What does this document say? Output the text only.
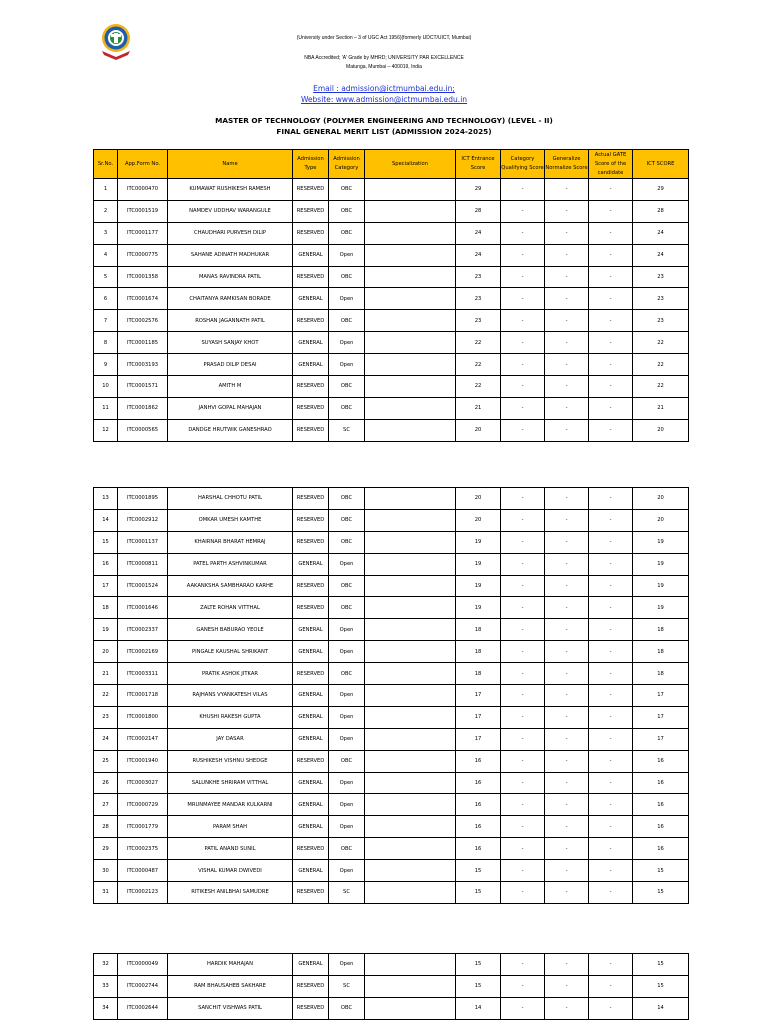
(University under Section – 3 of UGC Act 1956)(formerly UDCT/UICT, Mumbai)
NBA Accredited; 'A' Grade by MHRD; UNIVERSITY PAR EXCELLENCE
Matunga, Mumbai – 400019, India
Email : admission@ictmumbai.edu.in;
Website: www.admission@ictmumbai.edu.in
MASTER OF TECHNOLOGY (POLYMER ENGINEERING AND TECHNOLOGY) (LEVEL - II)
FINAL GENERAL MERIT LIST (ADMISSION 2024-2025)
Sr.No.	App.Form No.	Name	Admission Type	Admission Category	Specialization	ICT Entrance Score	Category Qualifying Score	Generalize Normalize Score	Actual GATE Score of the candidate	ICT SCORE
1	ITC0000470	KUMAWAT RUSHIKESH RAMESH	RESERVED	OBC		29	-	-	-	29
2	ITC0001519	NAMDEV UDDHAV WARANGULE	RESERVED	OBC		28	-	-	-	28
3	ITC0001177	CHAUDHARI PURVESH DILIP	RESERVED	OBC		24	-	-	-	24
4	ITC0000775	SAHANE ADINATH MADHUKAR	GENERAL	Open		24	-	-	-	24
5	ITC0001358	MANAS RAVINDRA PATIL	RESERVED	OBC		23	-	-	-	23
6	ITC0001674	CHAITANYA RAMKISAN BORADE	GENERAL	Open		23	-	-	-	23
7	ITC0002576	ROSHAN JAGANNATH PATIL	RESERVED	OBC		23	-	-	-	23
8	ITC0001185	SUYASH SANJAY KHOT	GENERAL	Open		22	-	-	-	22
9	ITC0003193	PRASAD DILIP DESAI	GENERAL	Open		22	-	-	-	22
10	ITC0001571	AMITH M	RESERVED	OBC		22	-	-	-	22
11	ITC0001862	JANHVI GOPAL MAHAJAN	RESERVED	OBC		21	-	-	-	21
12	ITC0000565	DANDGE HRUTWIK GANESHRAO	RESERVED	SC		20	-	-	-	20
13	ITC0001895	HARSHAL CHHOTU PATIL	RESERVED	OBC		20	-	-	-	20
14	ITC0002912	OMKAR UMESH KAMTHE	RESERVED	OBC		20	-	-	-	20
15	ITC0001137	KHAIRNAR BHARAT HEMRAJ	RESERVED	OBC		19	-	-	-	19
16	ITC0000811	PATEL PARTH ASHVINKUMAR	GENERAL	Open		19	-	-	-	19
17	ITC0001524	AAKANKSHA SAMBHARAO KARHE	RESERVED	OBC		19	-	-	-	19
18	ITC0001646	ZALTE ROHAN VITTHAL	RESERVED	OBC		19	-	-	-	19
19	ITC0002337	GANESH BABURAO YEOLE	GENERAL	Open		18	-	-	-	18
20	ITC0002169	PINGALE KAUSHAL SHRIKANT	GENERAL	Open		18	-	-	-	18
21	ITC0003311	PRATIK ASHOK JITKAR	RESERVED	OBC		18	-	-	-	18
22	ITC0001718	RAJHANS VYANKATESH VILAS	GENERAL	Open		17	-	-	-	17
23	ITC0001800	KHUSHI RAKESH GUPTA	GENERAL	Open		17	-	-	-	17
24	ITC0002147	JAY DASAR	GENERAL	Open		17	-	-	-	17
25	ITC0001940	RUSHIKESH VISHNU SHEDGE	RESERVED	OBC		16	-	-	-	16
26	ITC0003027	SALUNKHE SHRIRAM VITTHAL	GENERAL	Open		16	-	-	-	16
27	ITC0000729	MRUNMAYEE MANDAR KULKARNI	GENERAL	Open		16	-	-	-	16
28	ITC0001779	PARAM SHAH	GENERAL	Open		16	-	-	-	16
29	ITC0002375	PATIL ANAND SUNIL	RESERVED	OBC		16	-	-	-	16
30	ITC0000487	VISHAL KUMAR DWIVEDI	GENERAL	Open		15	-	-	-	15
31	ITC0002123	RITIKESH ANILBHAI SAMUDRE	RESERVED	SC		15	-	-	-	15
32	ITC0000049	HARDIK MAHAJAN	GENERAL	Open		15	-	-	-	15
33	ITC0002744	RAM BHAUSAHEB SAKHARE	RESERVED	SC		15	-	-	-	15
34	ITC0002644	SANCHIT VISHWAS PATIL	RESERVED	OBC		14	-	-	-	14
